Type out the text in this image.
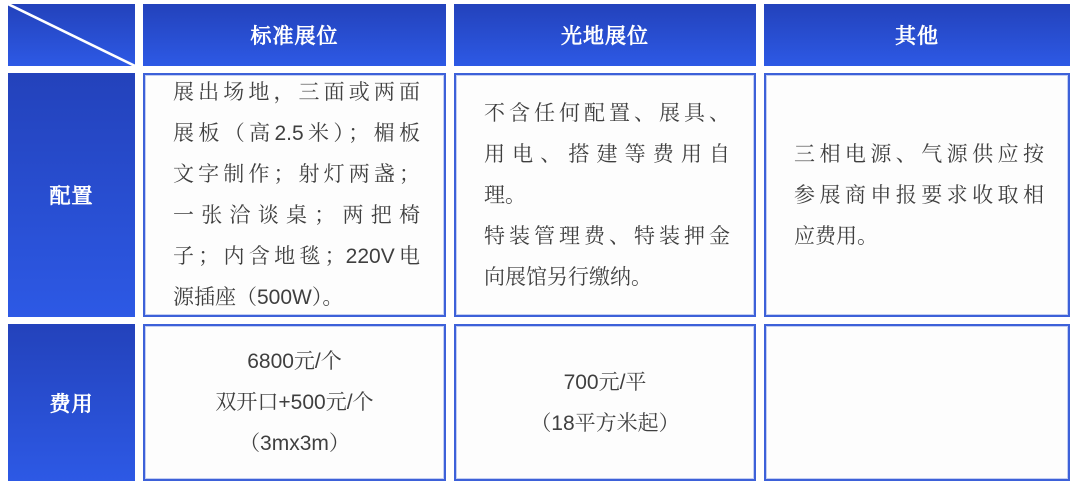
标准展位	光地展位	其他
配置
展出场地，三面或两面
展板（高2.5米）；楣板
文字制作；射灯两盏；
一张洽谈桌；两把椅
子；内含地毯；220V电
源插座（500W）。
不含任何配置、展具、
用电、搭建等费用自
理。
特装管理费、特装押金
向展馆另行缴纳。
三相电源、气源供应按
参展商申报要求收取相
应费用。
费用
6800元/个
双开口+500元/个
（3mx3m）
700元/平
（18平方米起）
